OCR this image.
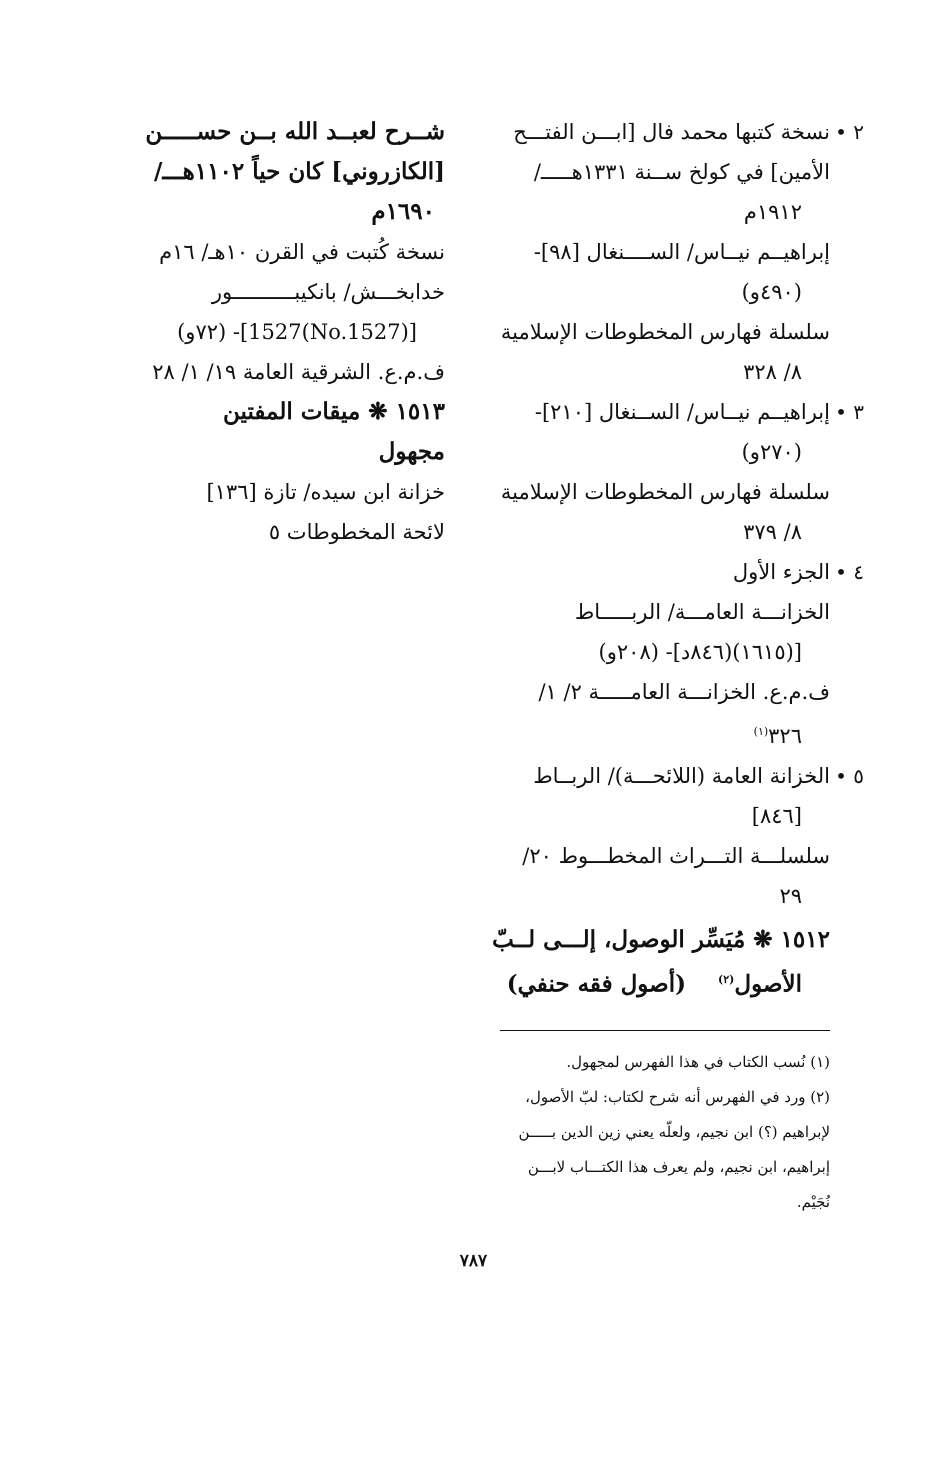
٢ •
نسخة كتبها محمد فال [ابـــن الفتـــح
الأمين] في كولخ ســنة ١٣٣١هـــــ/
١٩١٢م
إبراهيــم نيــاس/ الســــنغال [٩٨]-
(٤٩٠و)
سلسلة فهارس المخطوطات الإسلامية
٨/ ٣٢٨
٣ •
إبراهيــم نيــاس/ الســنغال [٢١٠]-
(٢٧٠و)
سلسلة فهارس المخطوطات الإسلامية
٨/ ٣٧٩
٤ •
الجزء الأول
الخزانـــة العامـــة/ الربـــــاط
[(١٦١٥)(٨٤٦د]- (٢٠٨و)
ف.م.ع. الخزانـــة العامـــــة ٢/ ١/
٣٢٦$^{(١)}$
٥ •
الخزانة العامة (اللائحـــة)/ الربــاط
[٨٤٦]
سلسلـــة التـــراث المخطـــوط ٢٠/
٢٩
١٥١٢ ❋ مُيَسِّر الوصول، إلـــى لــبّ
الأصول$^{(٢)}$    (أصول فقه حنفي)
شــرح لعبــد الله بــن حســـــن
[الكازروني] كان حياً ١١٠٢هـــ/
١٦٩٠م
نسخة كُتبت في القرن ١٠هـ/ ١٦م
خدابخـــش/ بانكيبــــــــــور
[(No.1527)1527]- (٧٢و)
ف.م.ع. الشرقية العامة ١٩/ ١/ ٢٨
١٥١٣ ❋ ميقات المفتين
مجهول
خزانة ابن سيده/ تازة [١٣٦]
لائحة المخطوطات ٥
(١) نُسب الكتاب في هذا الفهرس لمجهول.
(٢) ورد في الفهرس أنه شرح لكتاب: لبّ الأصول،
لإبراهيم (؟) ابن نجيم، ولعلّه يعني زين الدين بـــــن
إبراهيم، ابن نجيم، ولم يعرف هذا الكتـــاب لابـــن
نُجَيْم.
٧٨٧
